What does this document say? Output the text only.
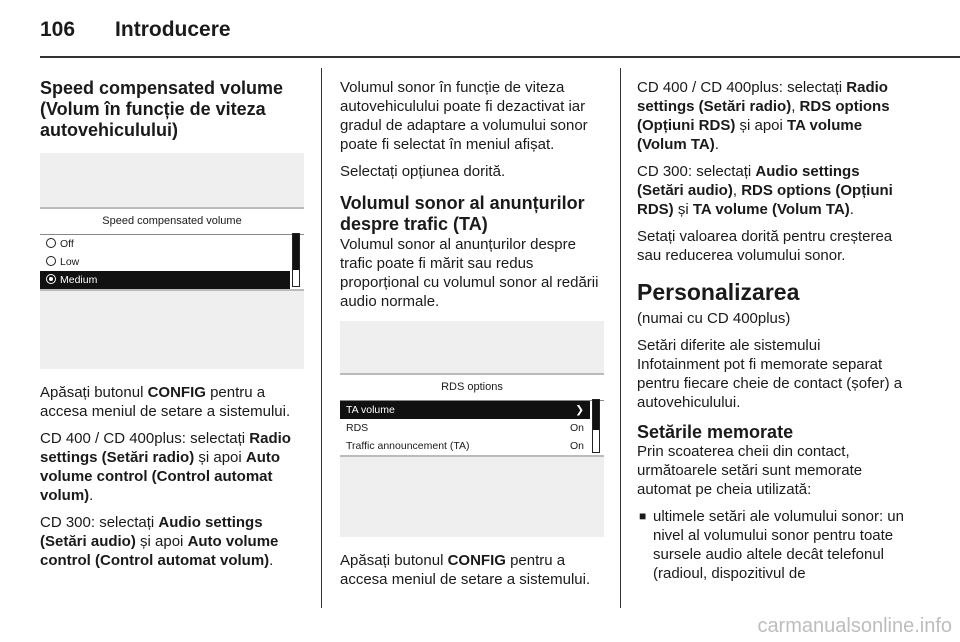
106 Introducere
Speed compensated volume (Volum în funcție de viteza autovehiculului)
Speed compensated volume
Off
Low
Medium

Apăsați butonul CONFIG pentru a accesa meniul de setare a sistemului.

CD 400 / CD 400plus: selectați Radio settings (Setări radio) și apoi Auto volume control (Control automat volum).

CD 300: selectați Audio settings (Setări audio) și apoi Auto volume control (Control automat volum).

Volumul sonor în funcție de viteza autovehiculului poate fi dezactivat iar gradul de adaptare a volumului sonor poate fi selectat în meniul afișat.

Selectați opțiunea dorită.

Volumul sonor al anunțurilor despre trafic (TA)

Volumul sonor al anunțurilor despre trafic poate fi mărit sau redus proporțional cu volumul sonor al redării audio normale.

RDS options
TA volume	❯
RDS	On
Traffic announcement (TA)	On

Apăsați butonul CONFIG pentru a accesa meniul de setare a sistemului.

CD 400 / CD 400plus: selectați Radio settings (Setări radio), RDS options (Opțiuni RDS) și apoi TA volume (Volum TA).

CD 300: selectați Audio settings (Setări audio), RDS options (Opțiuni RDS) și TA volume (Volum TA).

Setați valoarea dorită pentru creșterea sau reducerea volumului sonor.

Personalizarea

(numai cu CD 400plus)

Setări diferite ale sistemului Infotainment pot fi memorate separat pentru fiecare cheie de contact (șofer) a autovehiculului.

Setările memorate

Prin scoaterea cheii din contact, următoarele setări sunt memorate automat pe cheia utilizată:

■ ultimele setări ale volumului sonor: un nivel al volumului sonor pentru toate sursele audio altele decât telefonul (radioul, dispozitivul de
carmanualsonline.info
